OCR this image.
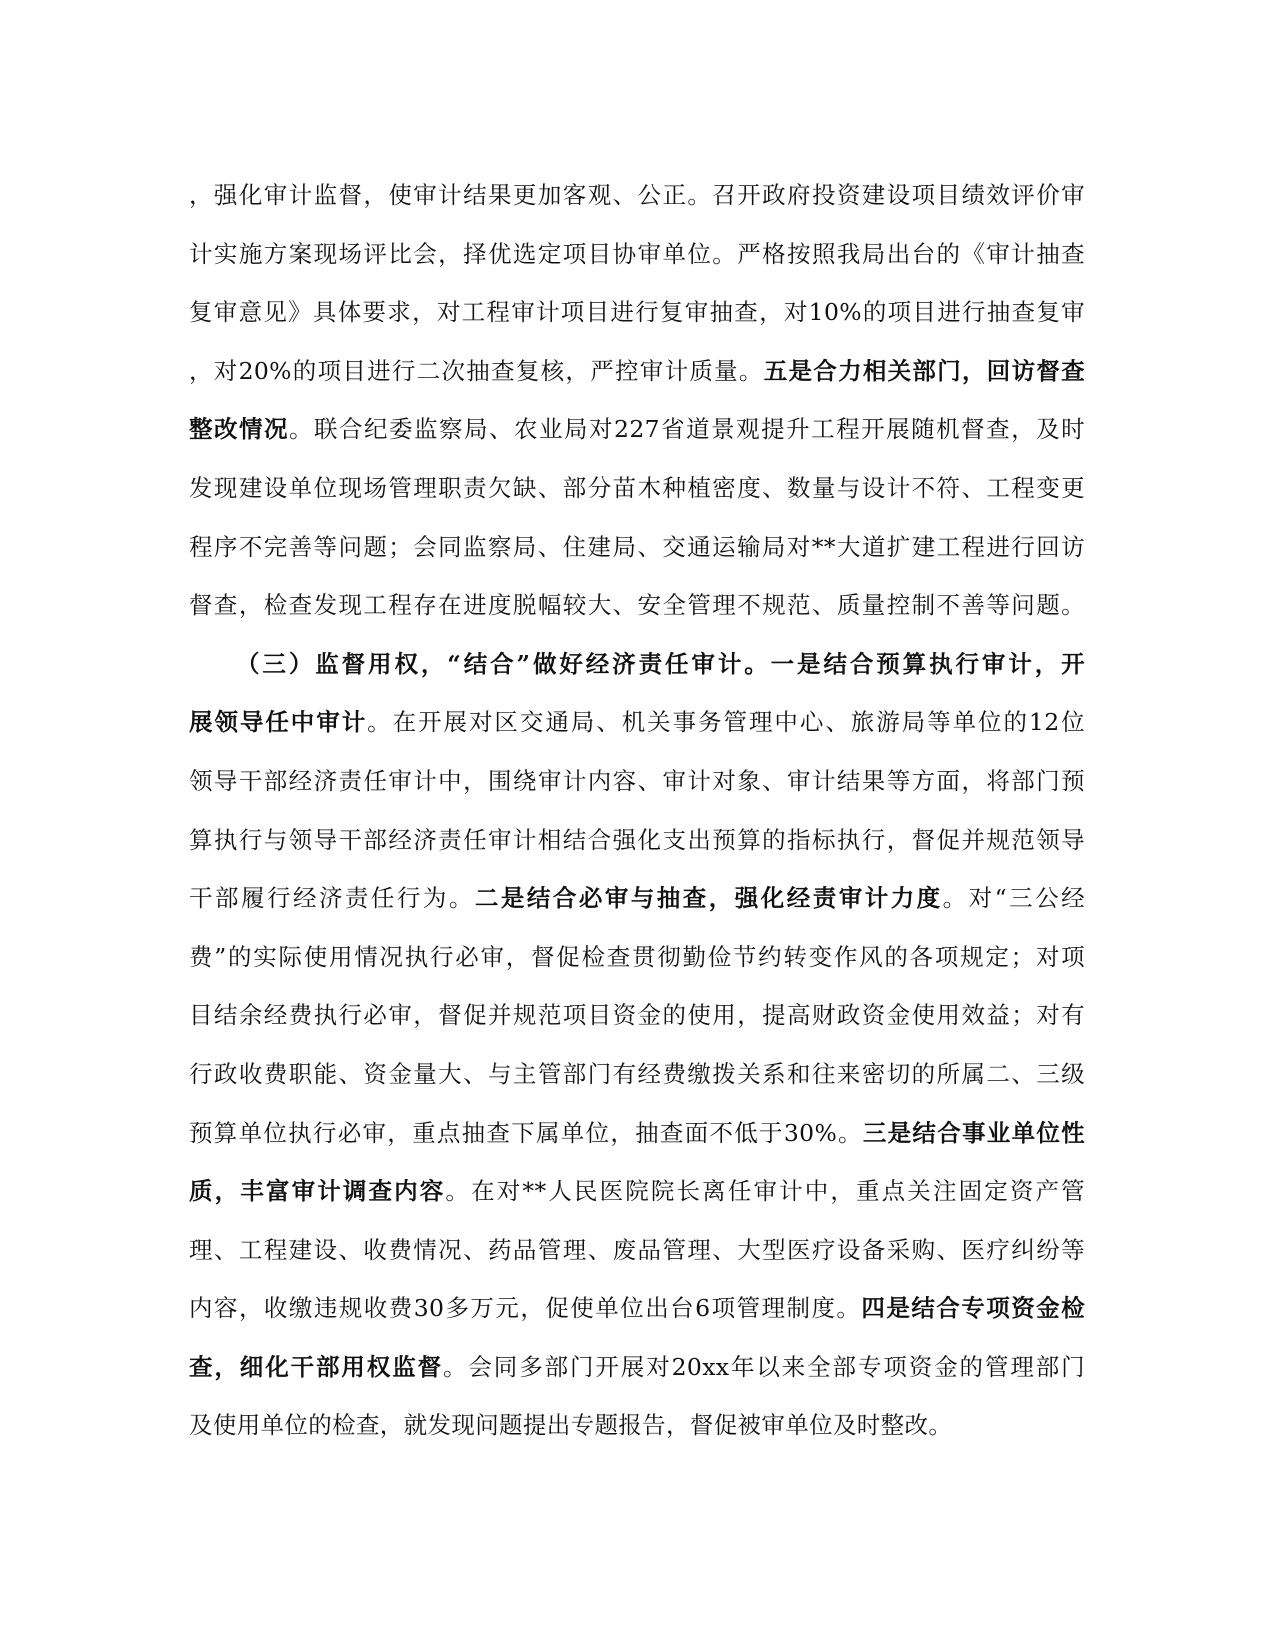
，强化审计监督，使审计结果更加客观、公正。召开政府投资建设项目绩效评价审
计实施方案现场评比会，择优选定项目协审单位。严格按照我局出台的《审计抽查
复审意见》具体要求，对工程审计项目进行复审抽查，对10%的项目进行抽查复审
，对20%的项目进行二次抽查复核，严控审计质量。五是合力相关部门，回访督查
整改情况。联合纪委监察局、农业局对227省道景观提升工程开展随机督查，及时
发现建设单位现场管理职责欠缺、部分苗木种植密度、数量与设计不符、工程变更
程序不完善等问题；会同监察局、住建局、交通运输局对**大道扩建工程进行回访
督查，检查发现工程存在进度脱幅较大、安全管理不规范、质量控制不善等问题。
（三）监督用权，“结合”做好经济责任审计。一是结合预算执行审计，开
展领导任中审计。在开展对区交通局、机关事务管理中心、旅游局等单位的12位
领导干部经济责任审计中，围绕审计内容、审计对象、审计结果等方面，将部门预
算执行与领导干部经济责任审计相结合强化支出预算的指标执行，督促并规范领导
干部履行经济责任行为。二是结合必审与抽查，强化经责审计力度。对“三公经
费”的实际使用情况执行必审，督促检查贯彻勤俭节约转变作风的各项规定；对项
目结余经费执行必审，督促并规范项目资金的使用，提高财政资金使用效益；对有
行政收费职能、资金量大、与主管部门有经费缴拨关系和往来密切的所属二、三级
预算单位执行必审，重点抽查下属单位，抽查面不低于30%。三是结合事业单位性
质，丰富审计调查内容。在对**人民医院院长离任审计中，重点关注固定资产管
理、工程建设、收费情况、药品管理、废品管理、大型医疗设备采购、医疗纠纷等
内容，收缴违规收费30多万元，促使单位出台6项管理制度。四是结合专项资金检
查，细化干部用权监督。会同多部门开展对20xx年以来全部专项资金的管理部门
及使用单位的检查，就发现问题提出专题报告，督促被审单位及时整改。
